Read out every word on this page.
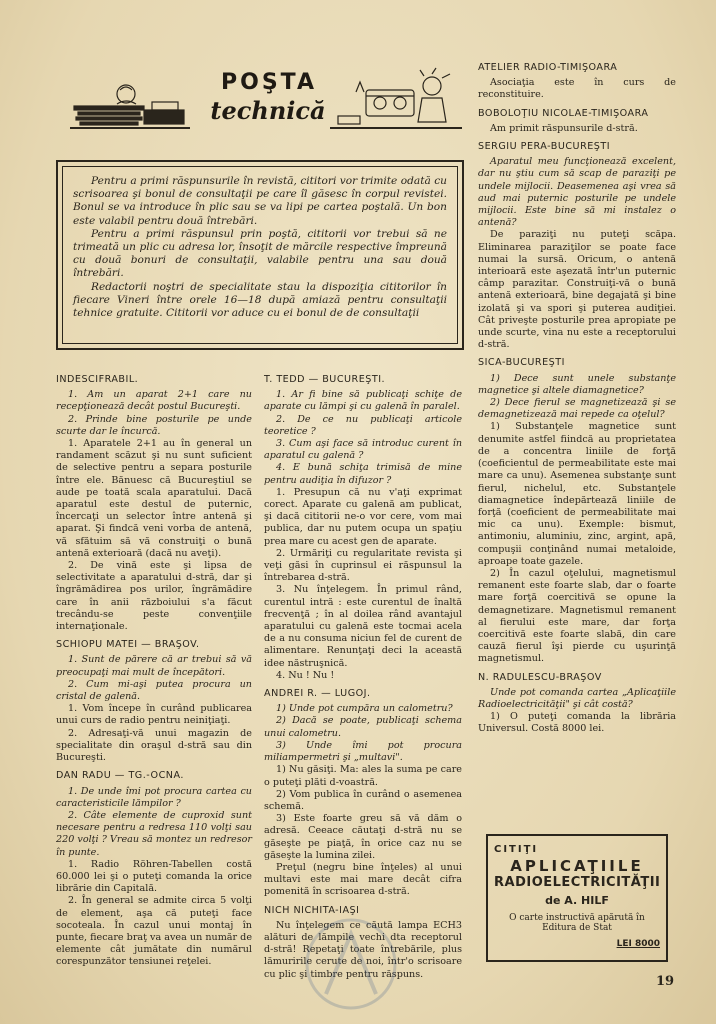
POŞTA
technică

Pentru a primi răspunsurile în revistă, cititori vor trimite odată cu scrisoarea şi bonul de consultaţii pe care îl găsesc în corpul revistei. Bonul se va introduce în plic sau se va lipi pe cartea poştală. Un bon este valabil pentru două întrebări.

Pentru a primi răspunsul prin poştă, cititorii vor trebui să ne trimeată un plic cu adresa lor, însoţit de mărcile respective împreună cu două bonuri de consultaţii, valabile pentru una sau două întrebări.

Redactorii noştri de specialitate stau la dispoziţia cititorilor în fiecare Vineri între orele 16—18 după amiază pentru consultaţii tehnice gratuite. Cititorii vor aduce cu ei bonul de de consultaţii

INDESCIFRABIL.

1. Am un aparat 2+1 care nu recepţionează decât postul Bucureşti.

2. Prinde bine posturile pe unde scurte dar le încurcă.

1. Aparatele 2+1 au în general un randament scăzut şi nu sunt suficient de selective pentru a separa posturile între ele. Bănuesc că Bucureştiul se aude pe toată scala aparatului. Dacă aparatul este destul de puternic, încercaţi un selector între antenă şi aparat. Şi findcă veni vorba de antenă, vă sfătuim să vă construiţi o bună antenă exterioară (dacă nu aveţi).

2. De vină este şi lipsa de selectivitate a aparatului d-stră, dar şi îngrămădirea pos urilor, îngrămădire care în anii războiului s'a făcut trecându-se peste convenţiile internaţionale.

SCHIOPU MATEI — BRAŞOV.

1. Sunt de părere că ar trebui să vă preocupaţi mai mult de începători.

2. Cum mi-aşi putea procura un cristal de galenă.

1. Vom începe în curând publicarea unui curs de radio pentru neiniţiaţi.

2. Adresaţi-vă unui magazin de specialitate din oraşul d-stră sau din Bucureşti.

DAN RADU — TG.-OCNA.

1. De unde îmi pot procura cartea cu caracteristicile lămpilor ?

2. Câte elemente de cuproxid sunt necesare pentru a redresa 110 volţi sau 220 volţi ? Vreau să montez un redresor în punte.

1. Radio Röhren-Tabellen costă 60.000 lei şi o puteţi comanda la orice librărie din Capitală.

2. În general se admite circa 5 volţi de element, aşa că puteţi face socoteala. În cazul unui montaj în punte, fiecare braţ va avea un număr de elemente cât jumătate din numărul corespunzător tensiunei reţelei.

T. TEDD — BUCUREŞTI.

1. Ar fi bine să publicaţi schiţe de aparate cu lămpi şi cu galenă în paralel.

2. De ce nu publicaţi articole teoretice ?

3. Cum aşi face să introduc curent în aparatul cu galenă ?

4. E bună schiţa trimisă de mine pentru audiţia în difuzor ?

1. Presupun că nu v'aţi exprimat corect. Aparate cu galenă am publicat, şi dacă cititorii ne-o vor cere, vom mai publica, dar nu putem ocupa un spaţiu prea mare cu acest gen de aparate.

2. Urmăriţi cu regularitate revista şi veţi găsi în cuprinsul ei răspunsul la întrebarea d-stră.

3. Nu înţelegem. În primul rând, curentul intră : este curentul de înaltă frecvenţă ; în al doilea rând avantajul aparatului cu galenă este tocmai acela de a nu consuma niciun fel de curent de alimentare. Renunţaţi deci la această idee năstruşnică.

4. Nu ! Nu !

ANDREI R. — LUGOJ.

1) Unde pot cumpăra un calometru?

2) Dacă se poate, publicaţi schema unui calometru.

3) Unde îmi pot procura miliampermetri şi „multavi".

1) Nu găsiţi. Ma: ales la suma pe care o puteţi plăti d-voastră.

2) Vom publica în curând o asemenea schemă.

3) Este foarte greu să vă dăm o adresă. Ceeace căutaţi d-stră nu se găseşte pe piaţă, în orice caz nu se găseşte la lumina zilei.

Preţul (negru bine înţeles) al unui multavi este mai mare decât cifra pomenită în scrisoarea d-stră.

NICH NICHITA-IAŞI

Nu înţelegem ce căută lampa ECH3 alături de lămpile vechi dta receptorul d-stră! Repetaţi toate întrebările, plus lămuririle cerute de noi, într'o scrisoare cu plic şi timbre pentru răspuns.

ATELIER RADIO-TIMIŞOARA

Asociaţia este în curs de reconstituire.

BOBOLOŢIU NICOLAE-TIMIŞOARA

Am primit răspunsurile d-stră.

SERGIU PERA-BUCUREŞTI

Aparatul meu funcţionează excelent, dar nu ştiu cum să scap de paraziţi pe undele mijlocii. Deasemenea aşi vrea să aud mai puternic posturile pe undele mijlocii. Este bine să mi instalez o antenă?

De paraziţi nu puteţi scăpa. Eliminarea paraziţilor se poate face numai la sursă. Oricum, o antenă interioară este aşezată într'un puternic câmp parazitar. Construiţi-vă o bună antenă exterioară, bine degajată şi bine izolată şi va spori şi puterea audiţiei. Cât priveşte posturile prea apropiate pe unde scurte, vina nu este a receptorului d-stră.

SICA-BUCUREŞTI

1) Dece sunt unele substanţe magnetice şi altele diamagnetice?

2) Dece fierul se magnetizează şi se demagnetizează mai repede ca oţelul?

1) Substanţele magnetice sunt denumite astfel fiindcă au proprietatea de a concentra liniile de forţă (coeficientul de permeabilitate este mai mare ca unu). Asemenea substanţe sunt fierul, nichelul, etc. Substanţele diamagnetice îndepărtează liniile de forţă (coeficient de permeabilitate mai mic ca unu). Exemple: bismut, antimoniu, aluminiu, zinc, argint, apă, compuşii conţinând numai metaloide, aproape toate gazele.

2) În cazul oţelului, magnetismul remanent este foarte slab, dar o foarte mare forţă coercitivă se opune la demagnetizare. Magnetismul remanent al fierului este mare, dar forţa coercitivă este foarte slabă, din care cauză fierul îşi pierde cu uşurinţă magnetismul.

N. RADULESCU-BRAŞOV

Unde pot comanda cartea „Aplicaţiile Radioelectricităţii" şi cât costă?

1) O puteţi comanda la librăria Universul. Costă 8000 lei.

CITIŢI
APLICAŢIILE
RADIOELECTRICITĂŢII
de A. HILF
O carte instructivă apărută în
Editura de Stat
LEI 8000
19
